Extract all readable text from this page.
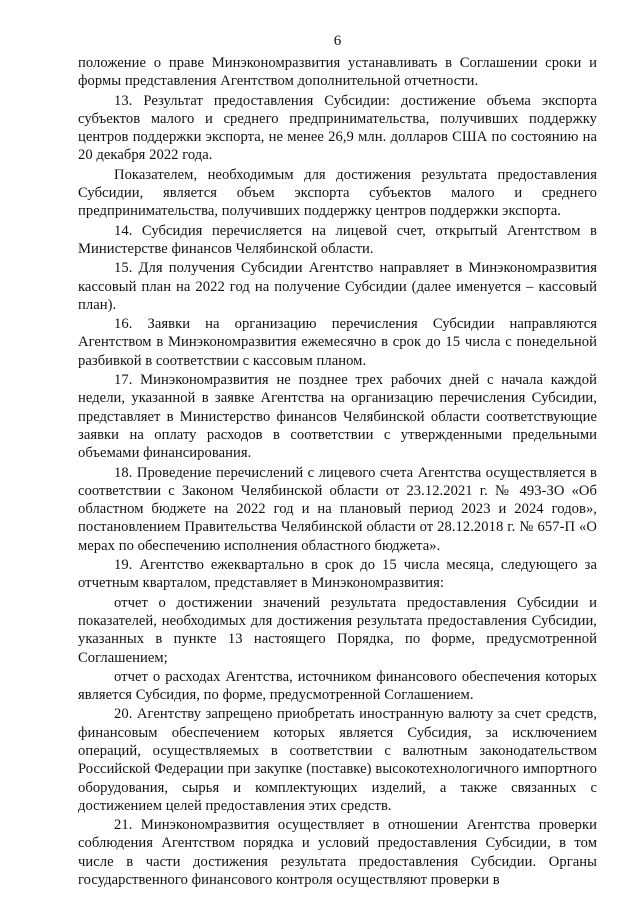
6

положение о праве Минэкономразвития устанавливать в Соглашении сроки и формы представления Агентством дополнительной отчетности.

13. Результат предоставления Субсидии: достижение объема экспорта субъектов малого и среднего предпринимательства, получивших поддержку центров поддержки экспорта, не менее 26,9 млн. долларов США по состоянию на 20 декабря 2022 года.

Показателем, необходимым для достижения результата предоставления Субсидии, является объем экспорта субъектов малого и среднего предпринимательства, получивших поддержку центров поддержки экспорта.

14. Субсидия перечисляется на лицевой счет, открытый Агентством в Министерстве финансов Челябинской области.

15. Для получения Субсидии Агентство направляет в Минэкономразвития кассовый план на 2022 год на получение Субсидии (далее именуется – кассовый план).

16. Заявки на организацию перечисления Субсидии направляются Агентством в Минэкономразвития ежемесячно в срок до 15 числа с понедельной разбивкой в соответствии с кассовым планом.

17. Минэкономразвития не позднее трех рабочих дней с начала каждой недели, указанной в заявке Агентства на организацию перечисления Субсидии, представляет в Министерство финансов Челябинской области соответствующие заявки на оплату расходов в соответствии с утвержденными предельными объемами финансирования.

18. Проведение перечислений с лицевого счета Агентства осуществляется в соответствии с Законом Челябинской области от 23.12.2021 г. № 493-ЗО «Об областном бюджете на 2022 год и на плановый период 2023 и 2024 годов», постановлением Правительства Челябинской области от 28.12.2018 г. № 657-П «О мерах по обеспечению исполнения областного бюджета».

19. Агентство ежеквартально в срок до 15 числа месяца, следующего за отчетным кварталом, представляет в Минэкономразвития:

отчет о достижении значений результата предоставления Субсидии и показателей, необходимых для достижения результата предоставления Субсидии, указанных в пункте 13 настоящего Порядка, по форме, предусмотренной Соглашением;

отчет о расходах Агентства, источником финансового обеспечения которых является Субсидия, по форме, предусмотренной Соглашением.

20. Агентству запрещено приобретать иностранную валюту за счет средств, финансовым обеспечением которых является Субсидия, за исключением операций, осуществляемых в соответствии с валютным законодательством Российской Федерации при закупке (поставке) высокотехнологичного импортного оборудования, сырья и комплектующих изделий, а также связанных с достижением целей предоставления этих средств.

21. Минэкономразвития осуществляет в отношении Агентства проверки соблюдения Агентством порядка и условий предоставления Субсидии, в том числе в части достижения результата предоставления Субсидии. Органы государственного финансового контроля осуществляют проверки в
